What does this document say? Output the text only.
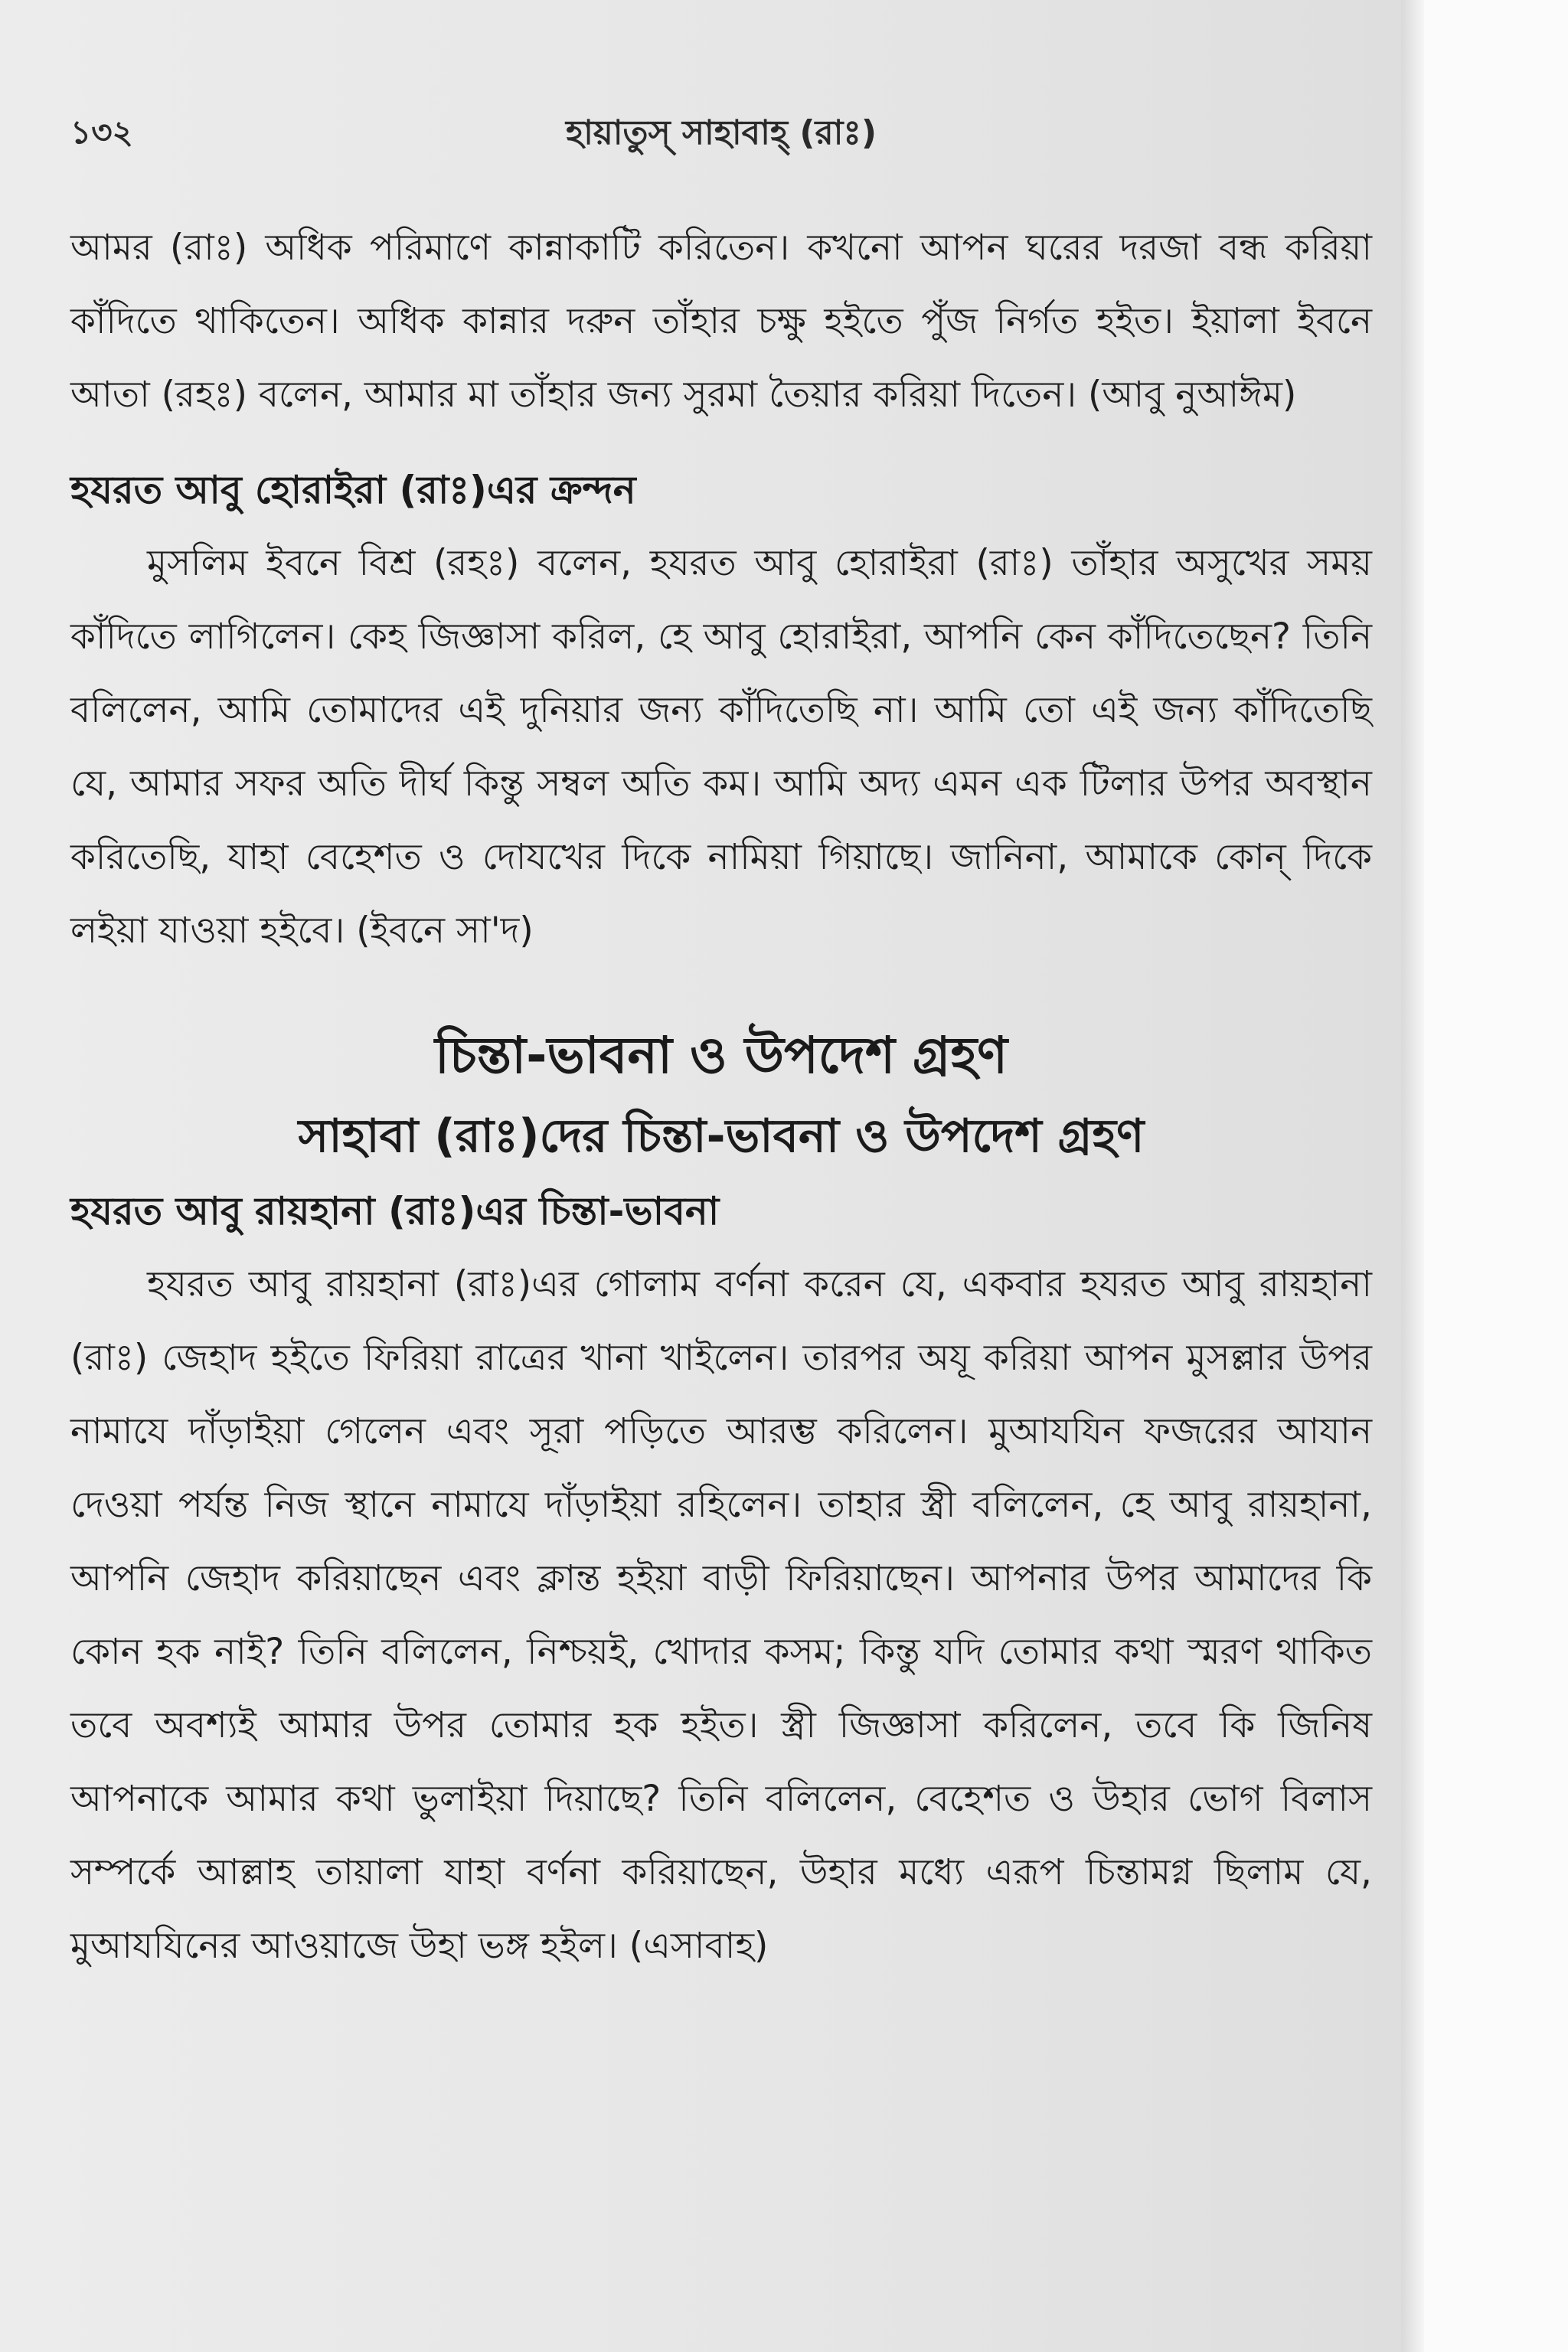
১৩২	হায়াতুস্ সাহাবাহ্ (রাঃ)

আমর (রাঃ) অধিক পরিমাণে কান্নাকাটি করিতেন। কখনো আপন ঘরের দরজা বন্ধ করিয়া কাঁদিতে থাকিতেন। অধিক কান্নার দরুন তাঁহার চক্ষু হইতে পুঁজ নির্গত হইত। ইয়ালা ইবনে আতা (রহঃ) বলেন, আমার মা তাঁহার জন্য সুরমা তৈয়ার করিয়া দিতেন। (আবু নুআঈম)

হযরত আবু হোরাইরা (রাঃ)এর ক্রন্দন

মুসলিম ইবনে বিশ্র (রহঃ) বলেন, হযরত আবু হোরাইরা (রাঃ) তাঁহার অসুখের সময় কাঁদিতে লাগিলেন। কেহ জিজ্ঞাসা করিল, হে আবু হোরাইরা, আপনি কেন কাঁদিতেছেন? তিনি বলিলেন, আমি তোমাদের এই দুনিয়ার জন্য কাঁদিতেছি না। আমি তো এই জন্য কাঁদিতেছি যে, আমার সফর অতি দীর্ঘ কিন্তু সম্বল অতি কম। আমি অদ্য এমন এক টিলার উপর অবস্থান করিতেছি, যাহা বেহেশত ও দোযখের দিকে নামিয়া গিয়াছে। জানিনা, আমাকে কোন্ দিকে লইয়া যাওয়া হইবে। (ইবনে সা'দ)

চিন্তা-ভাবনা ও উপদেশ গ্রহণ
সাহাবা (রাঃ)দের চিন্তা-ভাবনা ও উপদেশ গ্রহণ
হযরত আবু রায়হানা (রাঃ)এর চিন্তা-ভাবনা

হযরত আবু রায়হানা (রাঃ)এর গোলাম বর্ণনা করেন যে, একবার হযরত আবু রায়হানা (রাঃ) জেহাদ হইতে ফিরিয়া রাত্রের খানা খাইলেন। তারপর অযূ করিয়া আপন মুসল্লার উপর নামাযে দাঁড়াইয়া গেলেন এবং সূরা পড়িতে আরম্ভ করিলেন। মুআযযিন ফজরের আযান দেওয়া পর্যন্ত নিজ স্থানে নামাযে দাঁড়াইয়া রহিলেন। তাহার স্ত্রী বলিলেন, হে আবু রায়হানা, আপনি জেহাদ করিয়াছেন এবং ক্লান্ত হইয়া বাড়ী ফিরিয়াছেন। আপনার উপর আমাদের কি কোন হক নাই? তিনি বলিলেন, নিশ্চয়ই, খোদার কসম; কিন্তু যদি তোমার কথা স্মরণ থাকিত তবে অবশ্যই আমার উপর তোমার হক হইত। স্ত্রী জিজ্ঞাসা করিলেন, তবে কি জিনিষ আপনাকে আমার কথা ভুলাইয়া দিয়াছে? তিনি বলিলেন, বেহেশত ও উহার ভোগ বিলাস সম্পর্কে আল্লাহ তায়ালা যাহা বর্ণনা করিয়াছেন, উহার মধ্যে এরূপ চিন্তামগ্ন ছিলাম যে, মুআযযিনের আওয়াজে উহা ভঙ্গ হইল। (এসাবাহ)
